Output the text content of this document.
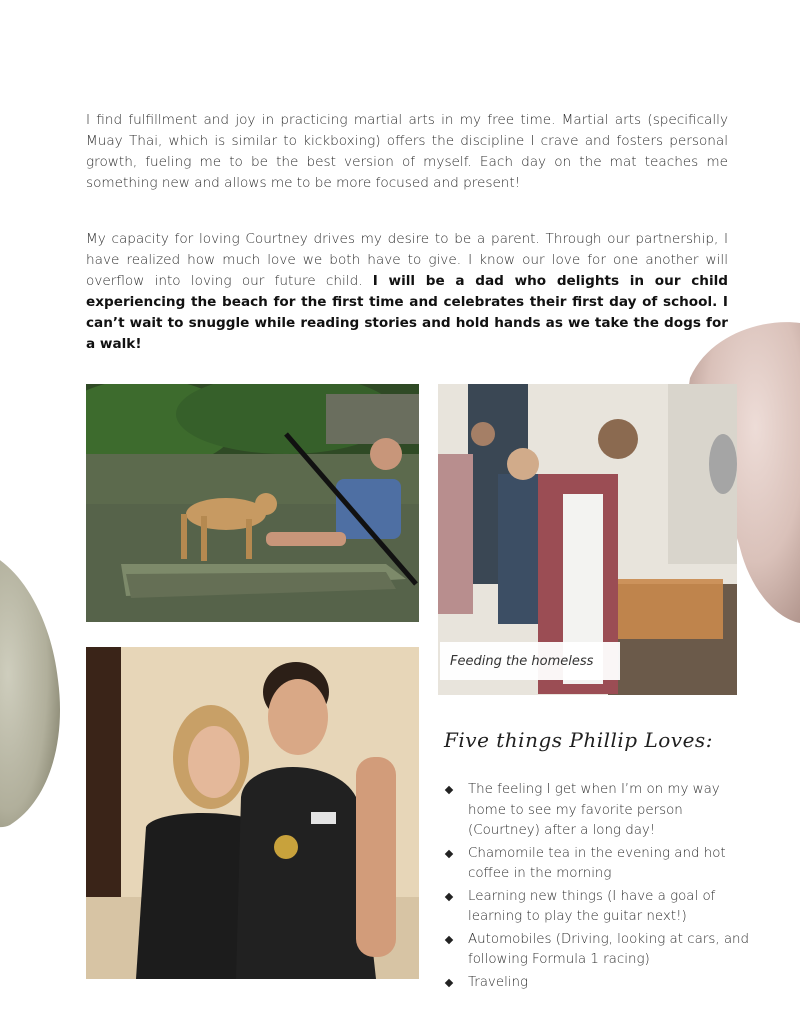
I find fulfillment and joy in practicing martial arts in my free time. Martial arts (specifically Muay Thai, which is similar to kickboxing) offers the discipline I crave and fosters personal growth, fueling me to be the best version of myself. Each day on the mat teaches me something new and allows me to be more focused and present!

My capacity for loving Courtney drives my desire to be a parent. Through our partnership, I have realized how much love we both have to give. I know our love for one another will overflow into loving our future child. I will be a dad who delights in our child experiencing the beach for the first time and celebrates their first day of school. I can’t wait to snuggle while reading stories and hold hands as we take the dogs for a walk!

Feeding the homeless
Five things Phillip Loves:
The feeling I get when I’m on my way home to see my favorite person (Courtney) after a long day!
Chamomile tea in the evening and hot coffee in the morning
Learning new things (I have a goal of learning to play the guitar next!)
Automobiles (Driving, looking at cars, and following Formula 1 racing)
Traveling
